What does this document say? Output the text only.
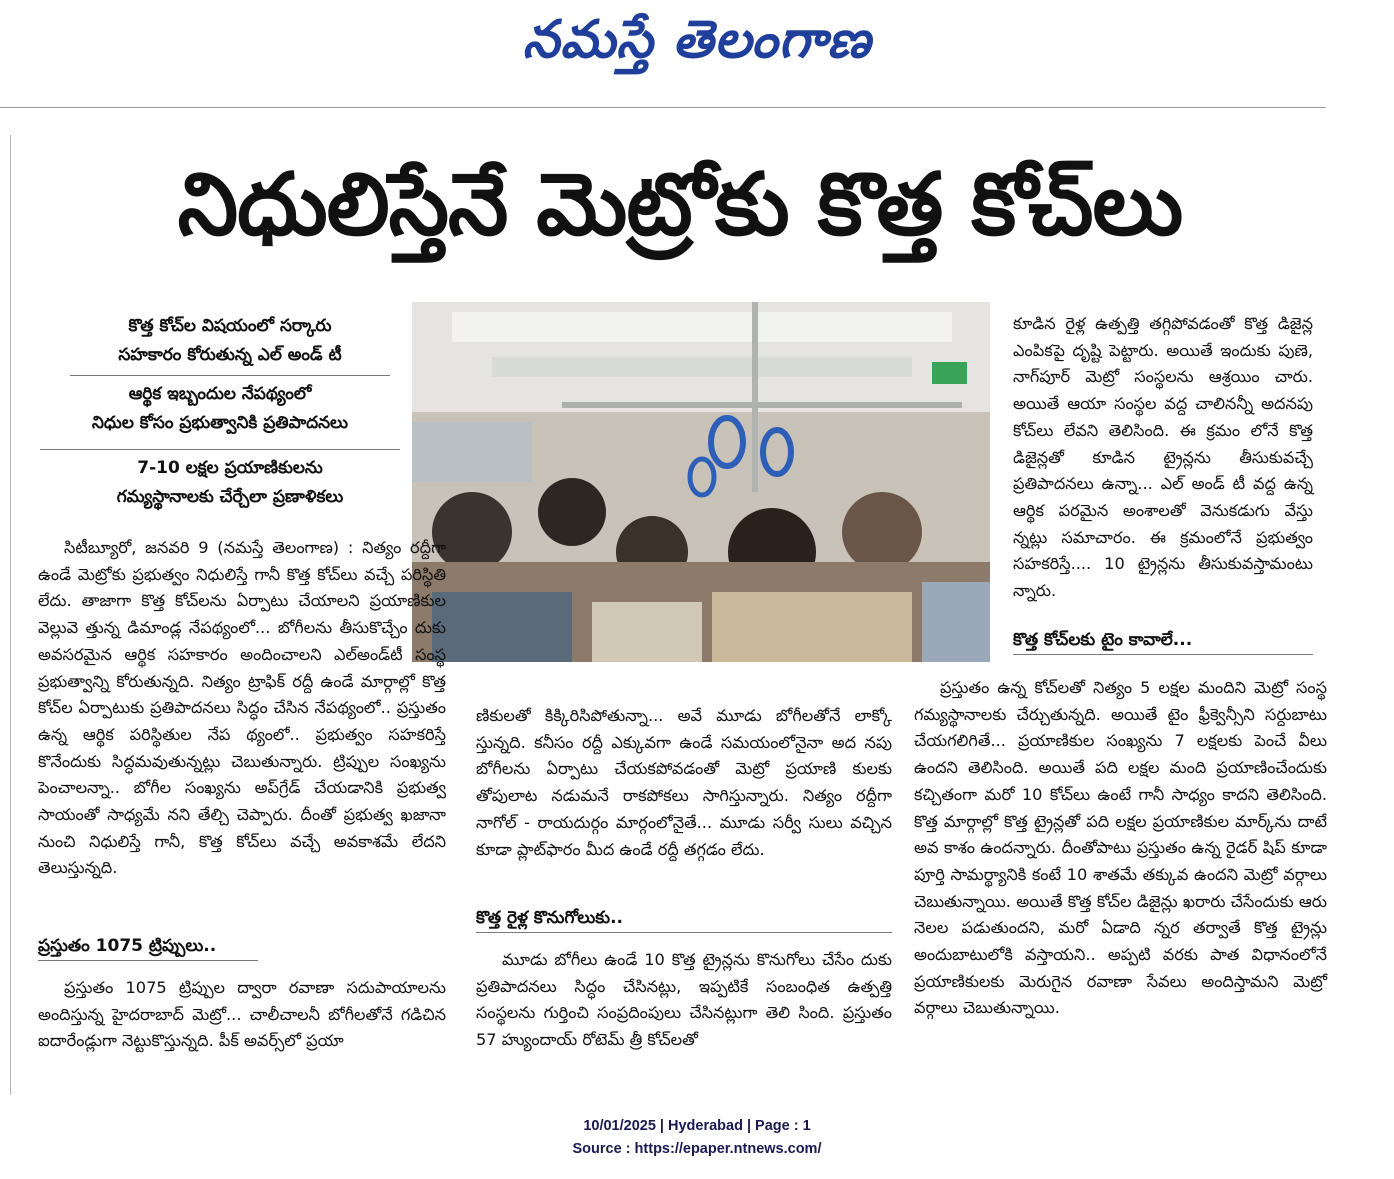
నమస్తే తెలంగాణ
నిధులిస్తేనే మెట్రోకు కొత్త కోచ్‌లు
కొత్త కోచ్‌ల విషయంలో సర్కారు
సహకారం కోరుతున్న ఎల్ అండ్ టీ
ఆర్థిక ఇబ్బందుల నేపథ్యంలో
నిధుల కోసం ప్రభుత్వానికి ప్రతిపాదనలు
7-10 లక్షల ప్రయాణికులను
గమ్యస్థానాలకు చేర్చేలా ప్రణాళికలు

సిటీబ్యూరో, జనవరి 9 (నమస్తే తెలంగాణ) : నిత్యం రద్దీగా ఉండే మెట్రోకు ప్రభుత్వం నిధులిస్తే గానీ కొత్త కోచ్‌లు వచ్చే పరిస్థితి లేదు. తాజాగా కొత్త కోచ్‌లను ఏర్పాటు చేయాలని ప్రయాణికుల వెల్లువె త్తున్న డిమాండ్ల నేపథ్యంలో... బోగీలను తీసుకొచ్చేం దుకు అవసరమైన ఆర్థిక సహకారం అందించాలని ఎల్‌అండ్‌టీ సంస్థ ప్రభుత్వాన్ని కోరుతున్నది. నిత్యం ట్రాఫిక్ రద్దీ ఉండే మార్గాల్లో కొత్త కోచ్‌ల ఏర్పాటుకు ప్రతిపాదనలు సిద్ధం చేసిన నేపథ్యంలో.. ప్రస్తుతం ఉన్న ఆర్థిక పరిస్థితుల నేప థ్యంలో.. ప్రభుత్వం సహకరిస్తే కొనేందుకు సిద్ధమవుతున్నట్లు చెబుతున్నారు. ట్రిప్పుల సంఖ్యను పెంచాలన్నా.. బోగీల సంఖ్యను అప్‌గ్రేడ్ చేయడానికి ప్రభుత్వ సాయంతో సాధ్యమే నని తేల్చి చెప్పారు. దీంతో ప్రభుత్వ ఖజానా నుంచి నిధులిస్తే గానీ, కొత్త కోచ్‌లు వచ్చే అవకాశమే లేదని తెలుస్తున్నది.

ప్రస్తుతం 1075 ట్రిప్పులు..

ప్రస్తుతం 1075 ట్రిప్పుల ద్వారా రవాణా సదుపాయాలను అందిస్తున్న హైదరాబాద్ మెట్రో... చాలీచాలనీ బోగీలతోనే గడిచిన ఐదారేండ్లుగా నెట్టుకొస్తున్నది. పీక్ అవర్స్‌లో ప్రయా

ణికులతో కిక్కిరిసిపోతున్నా... అవే మూడు బోగీలతోనే లాక్కో స్తున్నది. కనీసం రద్దీ ఎక్కువగా ఉండే సమయంలోనైనా అద నపు బోగీలను ఏర్పాటు చేయకపోవడంతో మెట్రో ప్రయాణి కులకు తోపులాట నడుమనే రాకపోకలు సాగిస్తున్నారు. నిత్యం రద్దీగా నాగోల్ - రాయదుర్గం మార్గంలోనైతే... మూడు సర్వీ సులు వచ్చిన కూడా ప్లాట్‌ఫారం మీద ఉండే రద్దీ తగ్గడం లేదు.

కొత్త రైళ్ల కొనుగోలుకు..

మూడు బోగీలు ఉండే 10 కొత్త ట్రైన్లను కొనుగోలు చేసేం దుకు ప్రతిపాదనలు సిద్ధం చేసినట్లు, ఇప్పటికే సంబంధిత ఉత్పత్తి సంస్థలను గుర్తించి సంప్రదింపులు చేసినట్లుగా తెలి సింది. ప్రస్తుతం 57 హ్యుందాయ్ రోటెమ్ త్రీ కోచ్‌లతో

కూడిన రైళ్ల ఉత్పత్తి తగ్గిపోవడంతో కొత్త డిజైన్ల ఎంపికపై దృష్టి పెట్టారు. అయితే ఇందుకు పుణె, నాగ్‌పూర్ మెట్రో సంస్థలను ఆశ్రయిం చారు. అయితే ఆయా సంస్థల వద్ద చాలినన్నీ అదనపు కోచ్‌లు లేవని తెలిసింది. ఈ క్రమం లోనే కొత్త డిజైన్లతో కూడిన ట్రైన్లను తీసుకువచ్చే ప్రతిపాదనలు ఉన్నా... ఎల్ అండ్ టీ వద్ద ఉన్న ఆర్థిక పరమైన అంశాలతో వెనుకడుగు వేస్తు న్నట్లు సమాచారం. ఈ క్రమంలోనే ప్రభుత్వం సహకరిస్తే.... 10 ట్రైన్లను తీసుకువస్తామంటు న్నారు.

కొత్త కోచ్‌లకు టైం కావాలే...

ప్రస్తుతం ఉన్న కోచ్‌లతో నిత్యం 5 లక్షల మందిని మెట్రో సంస్థ గమ్యస్థానాలకు చేర్చుతున్నది. అయితే టైం ఫ్రీక్వెన్సీని సర్దుబాటు చేయగలిగితే... ప్రయాణికుల సంఖ్యను 7 లక్షలకు పెంచే వీలు ఉందని తెలిసింది. అయితే పది లక్షల మంది ప్రయాణించేందుకు కచ్చితంగా మరో 10 కోచ్‌లు ఉంటే గానీ సాధ్యం కాదని తెలిసింది. కొత్త మార్గాల్లో కొత్త ట్రైన్లతో పది లక్షల ప్రయాణికుల మార్క్‌ను దాటే అవ కాశం ఉందన్నారు. దీంతోపాటు ప్రస్తుతం ఉన్న రైడర్ షిప్ కూడా పూర్తి సామర్థ్యానికి కంటే 10 శాతమే తక్కువ ఉందని మెట్రో వర్గాలు చెబుతున్నాయి. అయితే కొత్త కోచ్‌ల డిజైన్లు ఖరారు చేసేందుకు ఆరు నెలల పడుతుందని, మరో ఏడాది న్నర తర్వాతే కొత్త ట్రైన్లు అందుబాటులోకి వస్తాయని.. అప్పటి వరకు పాత విధానంలోనే ప్రయాణికులకు మెరుగైన రవాణా సేవలు అందిస్తామని మెట్రో వర్గాలు చెబుతున్నాయి.

10/01/2025 | Hyderabad | Page : 1
Source : https://epaper.ntnews.com/
